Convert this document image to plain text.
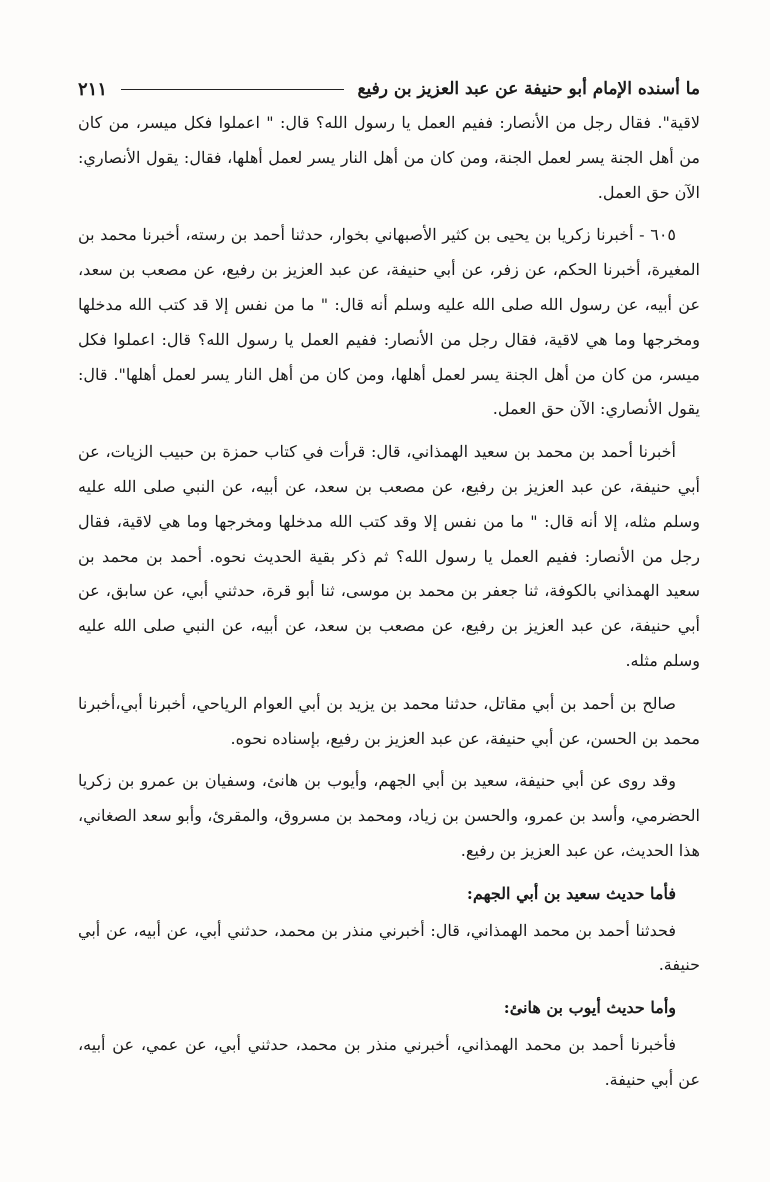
ما أسنده الإمام أبو حنيفة عن عبد العزيز بن رفيع
٢١١

لاقية". فقال رجل من الأنصار: ففيم العمل يا رسول الله؟ قال: " اعملوا فكل ميسر، من كان من أهل الجنة يسر لعمل الجنة، ومن كان من أهل النار يسر لعمل أهلها، فقال: يقول الأنصاري: الآن حق العمل.

٦٠٥ - أخبرنا زكريا بن يحيى بن كثير الأصبهاني بخوار، حدثنا أحمد بن رسته، أخبرنا محمد بن المغيرة، أخبرنا الحكم، عن زفر، عن أبي حنيفة، عن عبد العزيز بن رفيع، عن مصعب بن سعد، عن أبيه، عن رسول الله صلى الله عليه وسلم أنه قال: " ما من نفس إلا قد كتب الله مدخلها ومخرجها وما هي لاقية، فقال رجل من الأنصار: ففيم العمل يا رسول الله؟ قال: اعملوا فكل ميسر، من كان من أهل الجنة يسر لعمل أهلها، ومن كان من أهل النار يسر لعمل أهلها". قال: يقول الأنصاري: الآن حق العمل.

أخبرنا أحمد بن محمد بن سعيد الهمذاني، قال: قرأت في كتاب حمزة بن حبيب الزيات، عن أبي حنيفة، عن عبد العزيز بن رفيع، عن مصعب بن سعد، عن أبيه، عن النبي صلى الله عليه وسلم مثله، إلا أنه قال: " ما من نفس إلا وقد كتب الله مدخلها ومخرجها وما هي لاقية، فقال رجل من الأنصار: ففيم العمل يا رسول الله؟ ثم ذكر بقية الحديث نحوه. أحمد بن محمد بن سعيد الهمذاني بالكوفة، ثنا جعفر بن محمد بن موسى، ثنا أبو قرة، حدثني أبي، عن سابق، عن أبي حنيفة، عن عبد العزيز بن رفيع، عن مصعب بن سعد، عن أبيه، عن النبي صلى الله عليه وسلم مثله.

صالح بن أحمد بن أبي مقاتل، حدثنا محمد بن يزيد بن أبي العوام الرياحي، أخبرنا أبي،أخبرنا محمد بن الحسن، عن أبي حنيفة، عن عبد العزيز بن رفيع، بإسناده نحوه.

وقد روى عن أبي حنيفة، سعيد بن أبي الجهم، وأيوب بن هانئ، وسفيان بن عمرو بن زكريا الحضرمي، وأسد بن عمرو، والحسن بن زياد، ومحمد بن مسروق، والمقرئ، وأبو سعد الصغاني، هذا الحديث، عن عبد العزيز بن رفيع.

فأما حديث سعيد بن أبي الجهم:

فحدثنا أحمد بن محمد الهمذاني، قال: أخبرني منذر بن محمد، حدثني أبي، عن أبيه، عن أبي حنيفة.

وأما حديث أيوب بن هانئ:

فأخبرنا أحمد بن محمد الهمذاني، أخبرني منذر بن محمد، حدثني أبي، عن عمي، عن أبيه، عن أبي حنيفة.
